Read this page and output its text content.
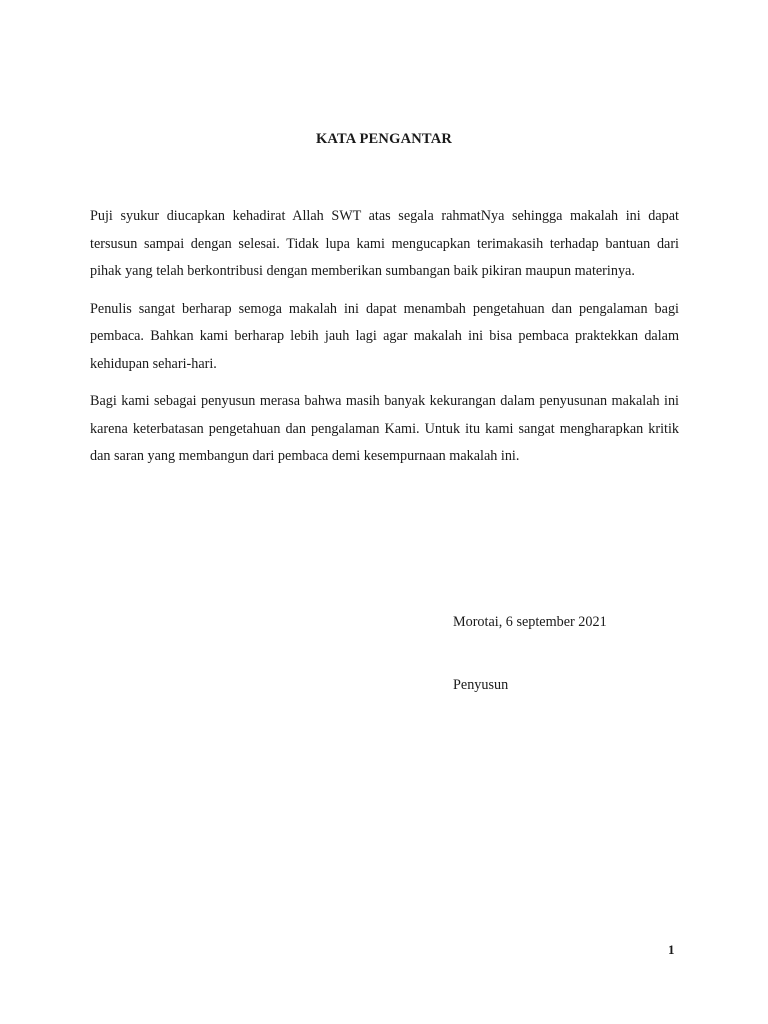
KATA PENGANTAR

Puji syukur diucapkan kehadirat Allah SWT atas segala rahmatNya sehingga makalah ini dapat tersusun sampai dengan selesai. Tidak lupa kami mengucapkan terimakasih terhadap bantuan dari pihak yang telah berkontribusi dengan memberikan sumbangan baik pikiran maupun materinya.

Penulis sangat berharap semoga makalah ini dapat menambah pengetahuan dan pengalaman bagi pembaca. Bahkan kami berharap lebih jauh lagi agar makalah ini bisa pembaca praktekkan dalam kehidupan sehari-hari.

Bagi kami sebagai penyusun merasa bahwa masih banyak kekurangan dalam penyusunan makalah ini karena keterbatasan pengetahuan dan pengalaman Kami. Untuk itu kami sangat mengharapkan kritik dan saran yang membangun dari pembaca demi kesempurnaan makalah ini.

Morotai, 6 september 2021
Penyusun
1
